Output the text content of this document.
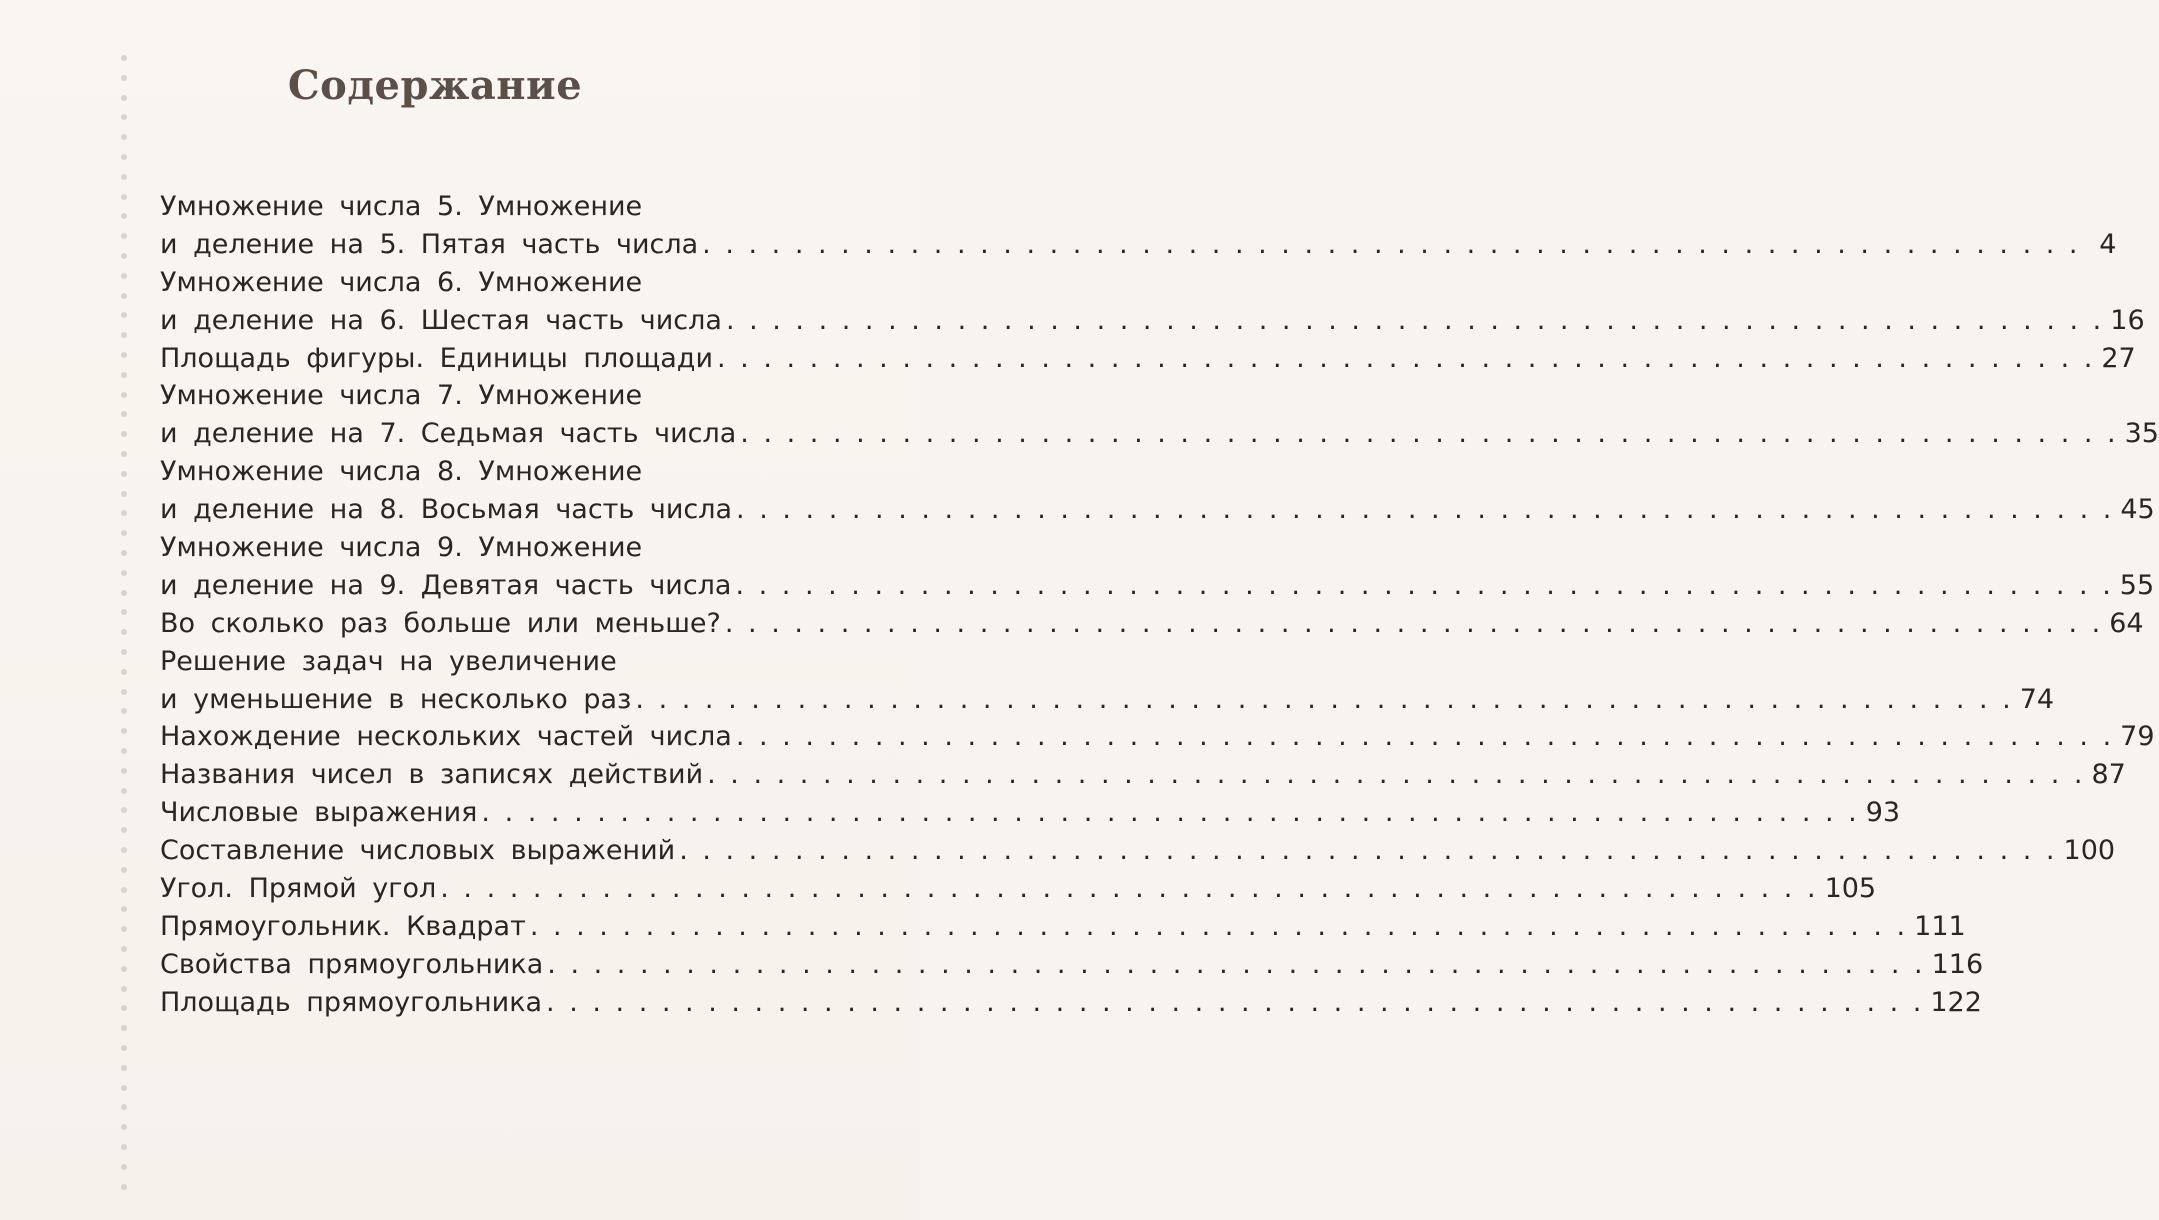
Содержание
Умножение числа 5. Умножение
и деление на 5. Пятая часть числа . . . . . . . . . . . . . . . . . . . . . . . . . . . . . . . . . . . . . . . . . . . . . . . . . . . . . . . . . . . . 4
Умножение числа 6. Умножение
и деление на 6. Шестая часть числа . . . . . . . . . . . . . . . . . . . . . . . . . . . . . . . . . . . . . . . . . . . . . . . . . . . . . . . . . . . . 16
Площадь фигуры. Единицы площади . . . . . . . . . . . . . . . . . . . . . . . . . . . . . . . . . . . . . . . . . . . . . . . . . . . . . . . . . . . . 27
Умножение числа 7. Умножение
и деление на 7. Седьмая часть числа . . . . . . . . . . . . . . . . . . . . . . . . . . . . . . . . . . . . . . . . . . . . . . . . . . . . . . . . . . . . 35
Умножение числа 8. Умножение
и деление на 8. Восьмая часть числа . . . . . . . . . . . . . . . . . . . . . . . . . . . . . . . . . . . . . . . . . . . . . . . . . . . . . . . . . . . . 45
Умножение числа 9. Умножение
и деление на 9. Девятая часть числа . . . . . . . . . . . . . . . . . . . . . . . . . . . . . . . . . . . . . . . . . . . . . . . . . . . . . . . . . . . . 55
Во сколько раз больше или меньше? . . . . . . . . . . . . . . . . . . . . . . . . . . . . . . . . . . . . . . . . . . . . . . . . . . . . . . . . . . . . 64
Решение задач на увеличение
и уменьшение в несколько раз . . . . . . . . . . . . . . . . . . . . . . . . . . . . . . . . . . . . . . . . . . . . . . . . . . . . . . . . . . . . 74
Нахождение нескольких частей числа . . . . . . . . . . . . . . . . . . . . . . . . . . . . . . . . . . . . . . . . . . . . . . . . . . . . . . . . . . . . 79
Названия чисел в записях действий . . . . . . . . . . . . . . . . . . . . . . . . . . . . . . . . . . . . . . . . . . . . . . . . . . . . . . . . . . . . 87
Числовые выражения . . . . . . . . . . . . . . . . . . . . . . . . . . . . . . . . . . . . . . . . . . . . . . . . . . . . . . . . . . . . 93
Составление числовых выражений . . . . . . . . . . . . . . . . . . . . . . . . . . . . . . . . . . . . . . . . . . . . . . . . . . . . . . . . . . . . 100
Угол. Прямой угол . . . . . . . . . . . . . . . . . . . . . . . . . . . . . . . . . . . . . . . . . . . . . . . . . . . . . . . . . . . . 105
Прямоугольник. Квадрат . . . . . . . . . . . . . . . . . . . . . . . . . . . . . . . . . . . . . . . . . . . . . . . . . . . . . . . . . . . . 111
Свойства прямоугольника . . . . . . . . . . . . . . . . . . . . . . . . . . . . . . . . . . . . . . . . . . . . . . . . . . . . . . . . . . . . 116
Площадь прямоугольника . . . . . . . . . . . . . . . . . . . . . . . . . . . . . . . . . . . . . . . . . . . . . . . . . . . . . . . . . . . . 122
